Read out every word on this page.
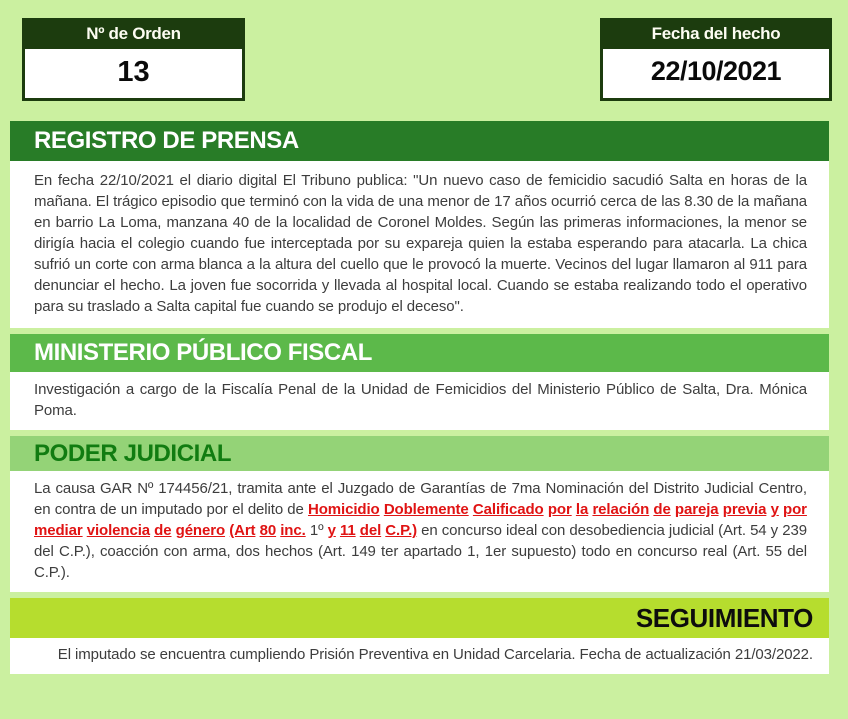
Nº de Orden
13
Fecha del hecho
22/10/2021
REGISTRO DE PRENSA
En fecha 22/10/2021 el diario digital El Tribuno publica: "Un nuevo caso de femicidio sacudió Salta en horas de la mañana. El trágico episodio que terminó con la vida de una menor de 17 años ocurrió cerca de las 8.30 de la mañana en barrio La Loma, manzana 40 de la localidad de Coronel Moldes. Según las primeras informaciones, la menor se dirigía hacia el colegio cuando fue interceptada por su expareja quien la estaba esperando para atacarla. La chica sufrió un corte con arma blanca a la altura del cuello que le provocó la muerte. Vecinos del lugar llamaron al 911 para denunciar el hecho. La joven fue socorrida y llevada al hospital local. Cuando se estaba realizando todo el operativo para su traslado a Salta capital fue cuando se produjo el deceso".
MINISTERIO PÚBLICO FISCAL
Investigación a cargo de la Fiscalía Penal de la Unidad de Femicidios del Ministerio Público de Salta, Dra. Mónica Poma.
PODER JUDICIAL
La causa GAR Nº 174456/21, tramita ante el Juzgado de Garantías de 7ma Nominación del Distrito Judicial Centro, en contra de un imputado por el delito de Homicidio Doblemente Calificado por la relación de pareja previa y por mediar violencia de género (Art 80 inc. 1º y 11 del C.P.) en concurso ideal con desobediencia judicial (Art. 54 y 239 del C.P.), coacción con arma, dos hechos (Art. 149 ter apartado 1, 1er supuesto) todo en concurso real (Art. 55 del C.P.).
SEGUIMIENTO
El imputado se encuentra cumpliendo Prisión Preventiva en Unidad Carcelaria. Fecha de actualización 21/03/2022.
